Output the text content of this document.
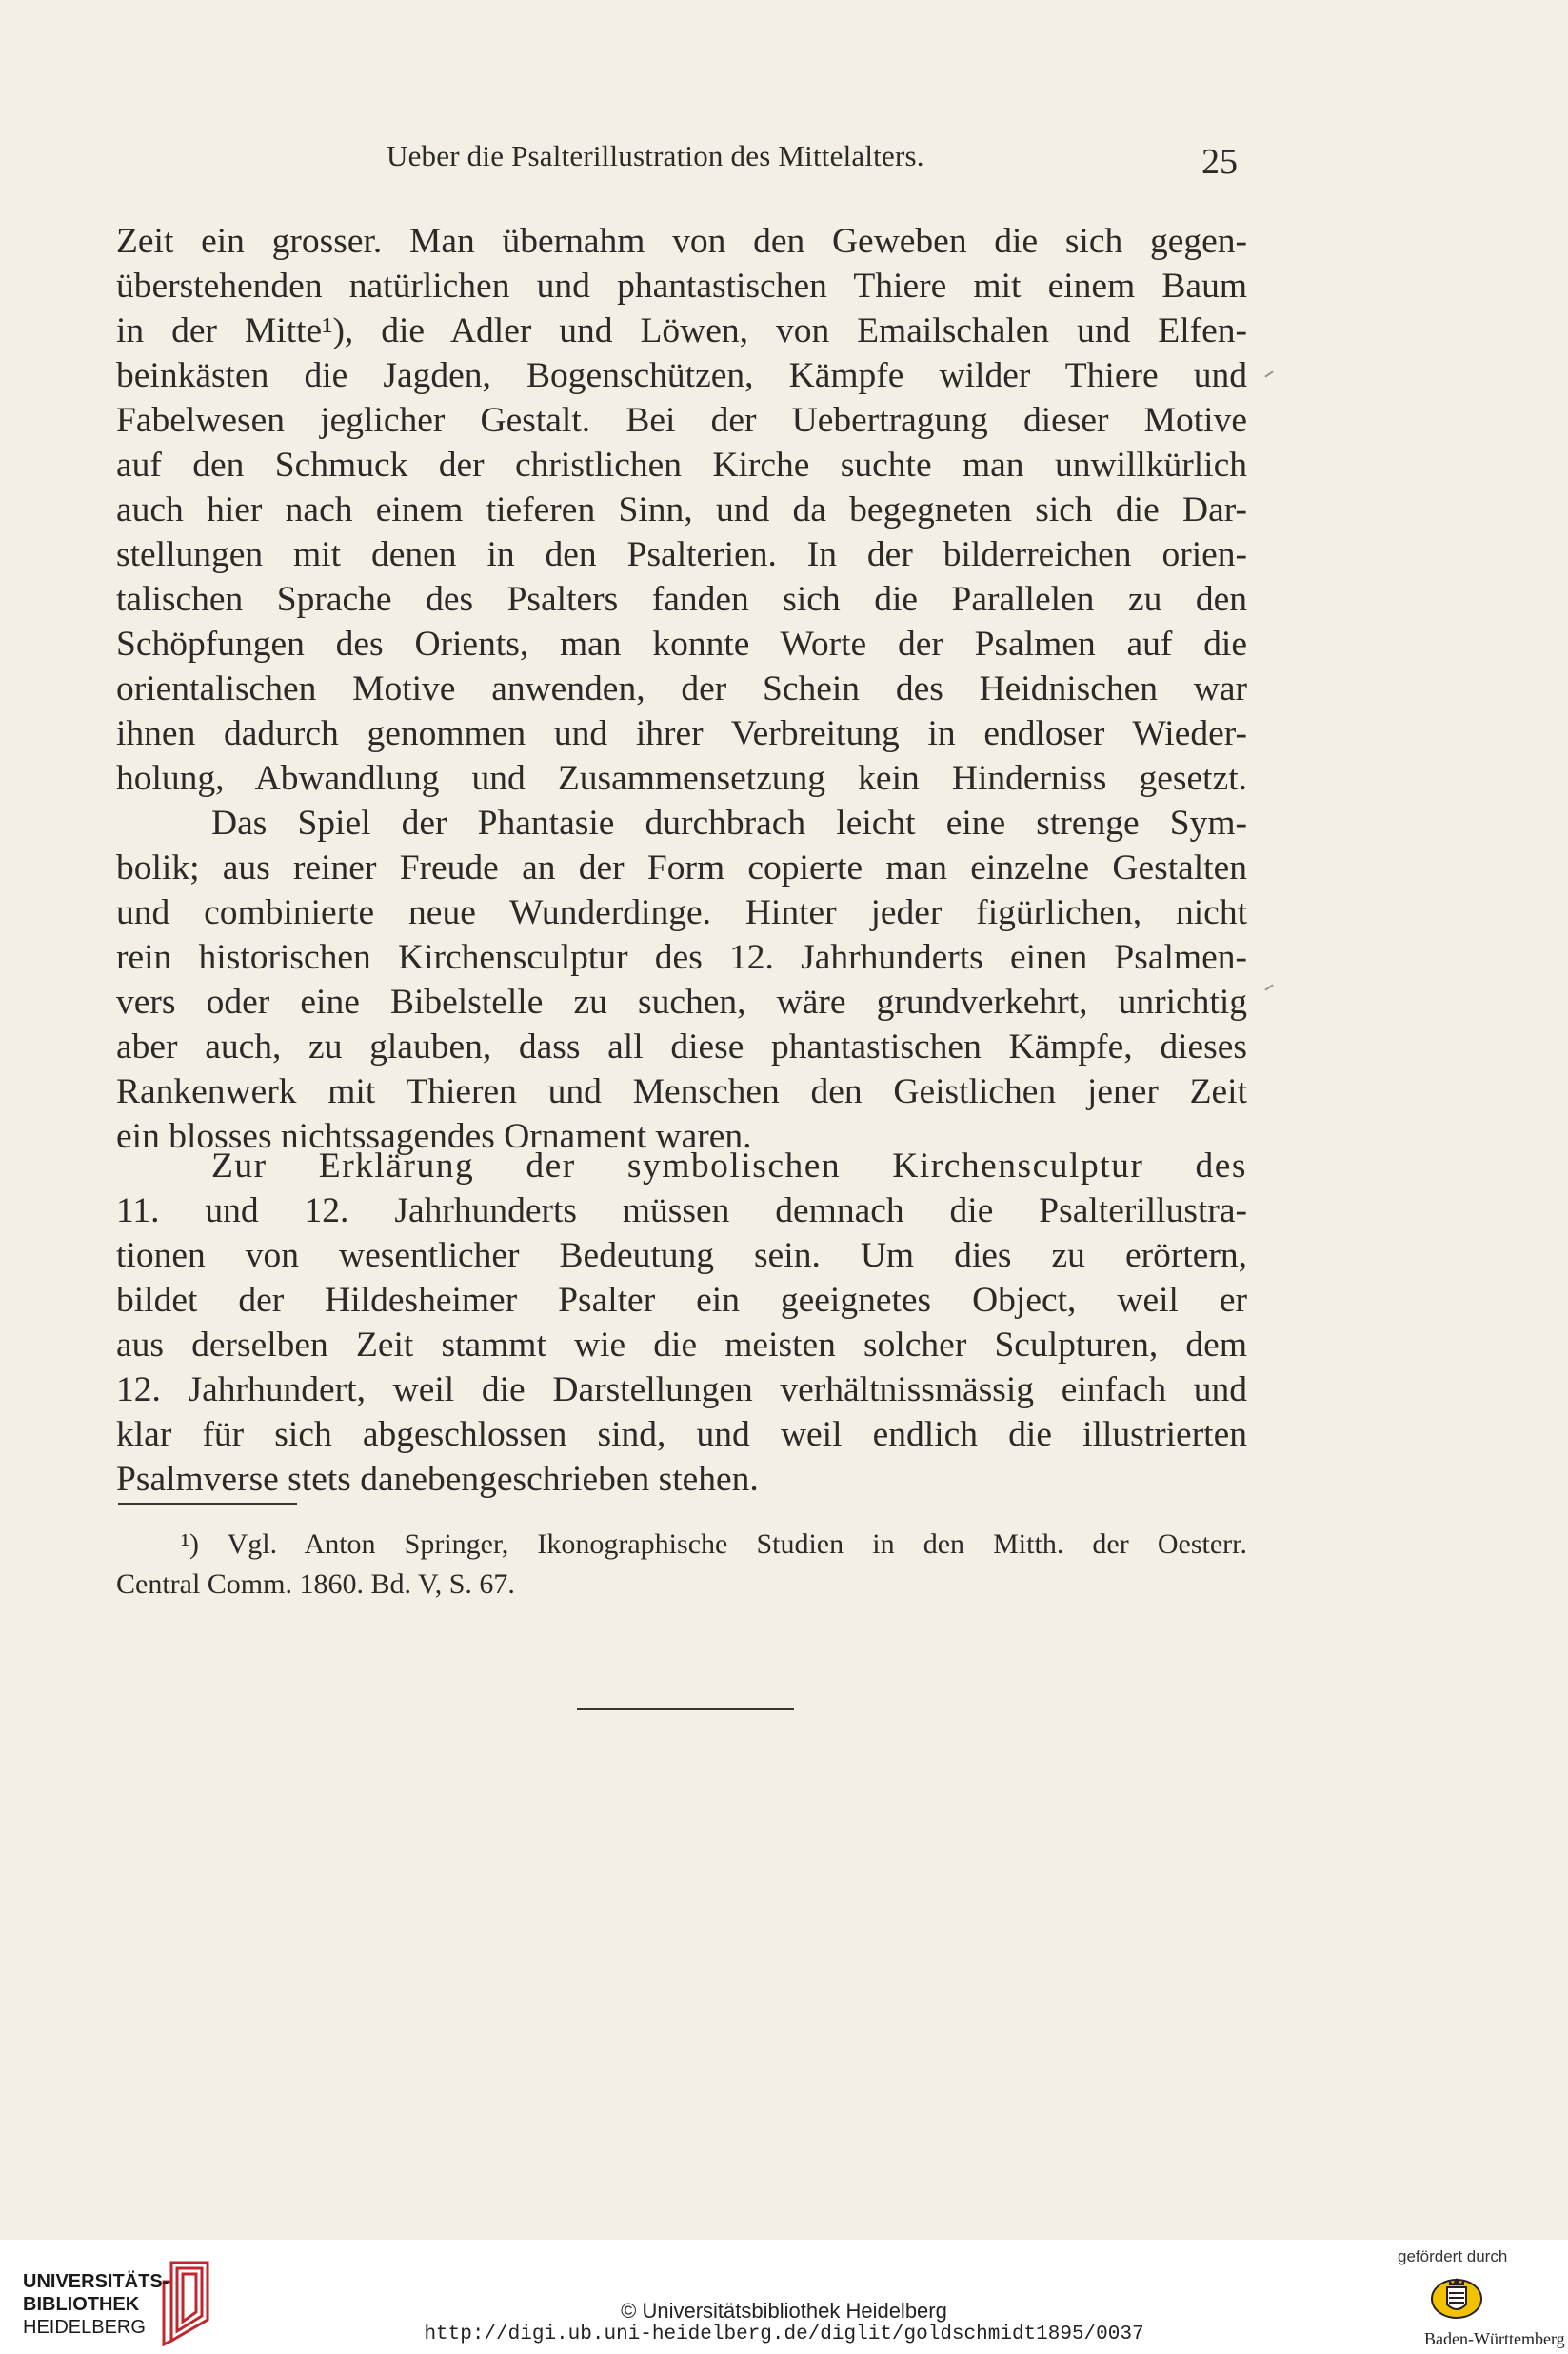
Ueber die Psalterillustration des Mittelalters.	25
Zeit ein grosser. Man übernahm von den Geweben die sich gegen-
überstehenden natürlichen und phantastischen Thiere mit einem Baum
in der Mitte¹), die Adler und Löwen, von Emailschalen und Elfen-
beinkästen die Jagden, Bogenschützen, Kämpfe wilder Thiere und
Fabelwesen jeglicher Gestalt. Bei der Uebertragung dieser Motive
auf den Schmuck der christlichen Kirche suchte man unwillkürlich
auch hier nach einem tieferen Sinn, und da begegneten sich die Dar-
stellungen mit denen in den Psalterien. In der bilderreichen orien-
talischen Sprache des Psalters fanden sich die Parallelen zu den
Schöpfungen des Orients, man konnte Worte der Psalmen auf die
orientalischen Motive anwenden, der Schein des Heidnischen war
ihnen dadurch genommen und ihrer Verbreitung in endloser Wieder-
holung, Abwandlung und Zusammensetzung kein Hinderniss gesetzt.
Das Spiel der Phantasie durchbrach leicht eine strenge Sym-
bolik; aus reiner Freude an der Form copierte man einzelne Gestalten
und combinierte neue Wunderdinge. Hinter jeder figürlichen, nicht
rein historischen Kirchensculptur des 12. Jahrhunderts einen Psalmen-
vers oder eine Bibelstelle zu suchen, wäre grundverkehrt, unrichtig
aber auch, zu glauben, dass all diese phantastischen Kämpfe, dieses
Rankenwerk mit Thieren und Menschen den Geistlichen jener Zeit
ein blosses nichtssagendes Ornament waren.
Zur Erklärung der symbolischen Kirchensculptur des
11. und 12. Jahrhunderts müssen demnach die Psalterillustra-
tionen von wesentlicher Bedeutung sein. Um dies zu erörtern,
bildet der Hildesheimer Psalter ein geeignetes Object, weil er
aus derselben Zeit stammt wie die meisten solcher Sculpturen, dem
12. Jahrhundert, weil die Darstellungen verhältnissmässig einfach und
klar für sich abgeschlossen sind, und weil endlich die illustrierten
Psalmverse stets danebengeschrieben stehen.
¹) Vgl. Anton Springer, Ikonographische Studien in den Mitth. der Oesterr.
Central Comm. 1860. Bd. V, S. 67.
UNIVERSITÄTS-
BIBLIOTHEK
HEIDELBERG
© Universitätsbibliothek Heidelberg
http://digi.ub.uni-heidelberg.de/diglit/goldschmidt1895/0037
gefördert durch
Baden-Württemberg
